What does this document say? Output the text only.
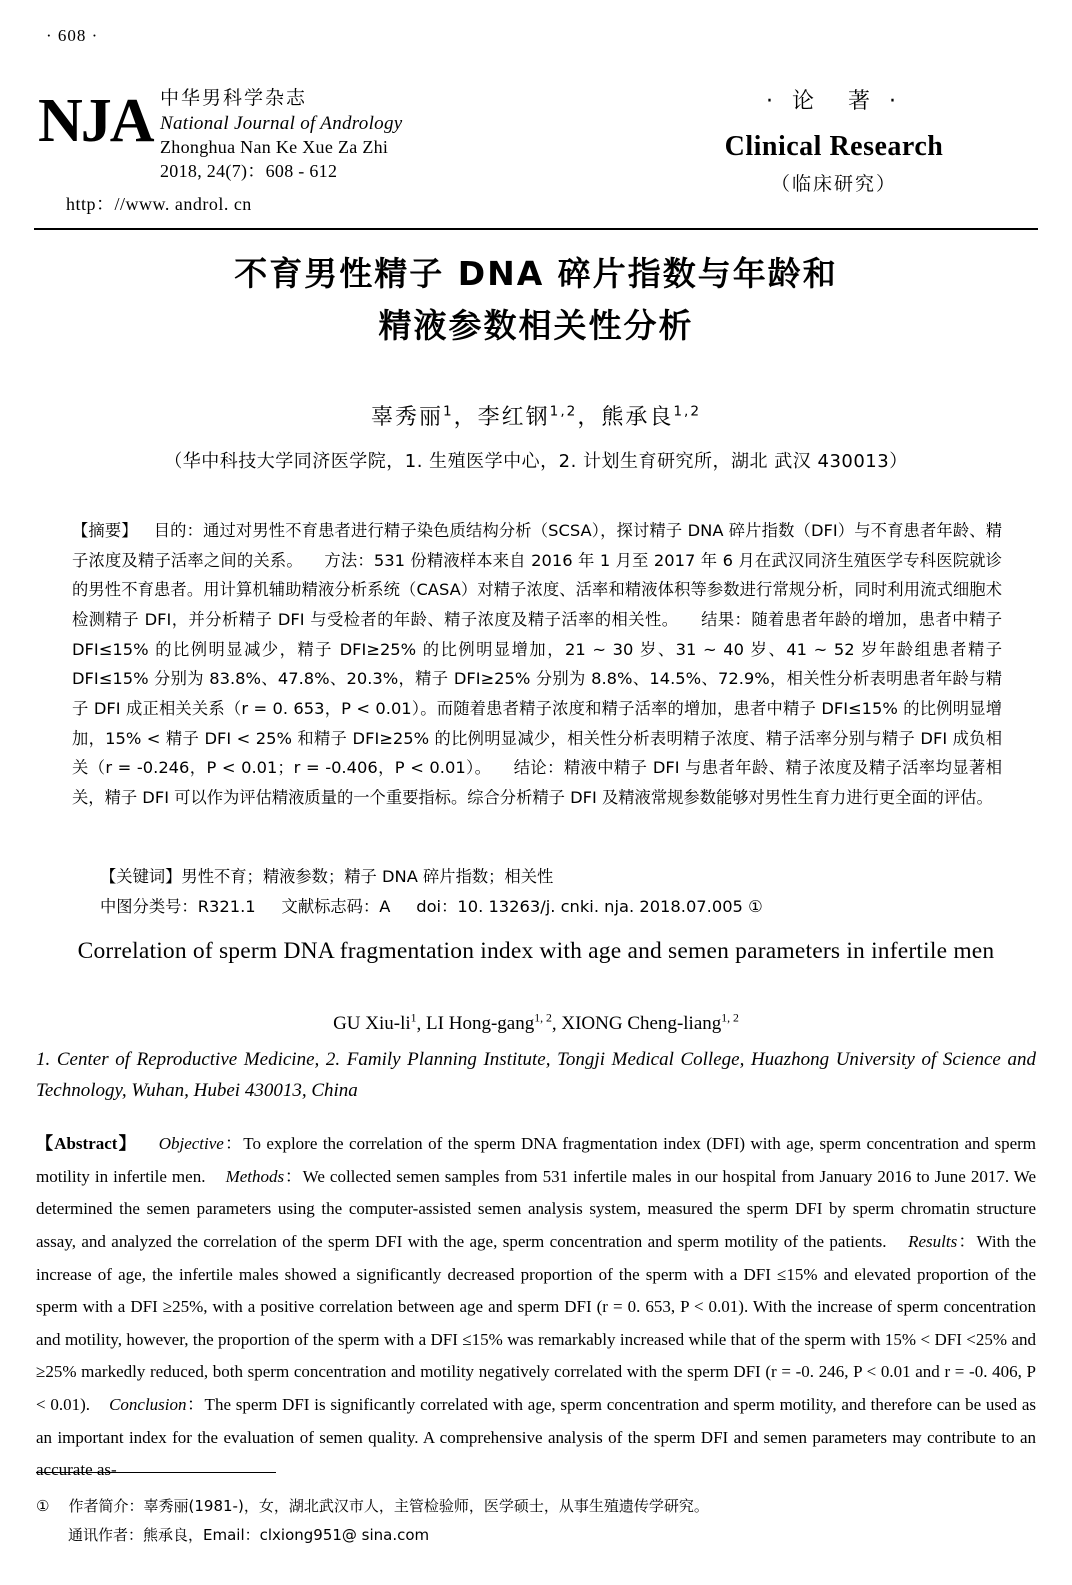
· 608 ·
NJA 中华男科学杂志
National Journal of Andrology
Zhonghua Nan Ke Xue Za Zhi
2018, 24(7)：608 - 612
http：//www. androl. cn
· 论　著 ·
Clinical Research
（临床研究）
不育男性精子 DNA 碎片指数与年龄和
精液参数相关性分析
辜秀丽$^1$，李红钢$^{1,2}$，熊承良$^{1,2}$
（华中科技大学同济医学院，1. 生殖医学中心，2. 计划生育研究所，湖北 武汉 430013）
【摘要】 目的：通过对男性不育患者进行精子染色质结构分析（SCSA），探讨精子 DNA 碎片指数（DFI）与不育患者年龄、精子浓度及精子活率之间的关系。 方法：531 份精液样本来自 2016 年 1 月至 2017 年 6 月在武汉同济生殖医学专科医院就诊的男性不育患者。用计算机辅助精液分析系统（CASA）对精子浓度、活率和精液体积等参数进行常规分析，同时利用流式细胞术检测精子 DFI，并分析精子 DFI 与受检者的年龄、精子浓度及精子活率的相关性。 结果：随着患者年龄的增加，患者中精子 DFI≤15% 的比例明显减少，精子 DFI≥25% 的比例明显增加，21 ~ 30 岁、31 ~ 40 岁、41 ~ 52 岁年龄组患者精子 DFI≤15% 分别为 83.8%、47.8%、20.3%，精子 DFI≥25% 分别为 8.8%、14.5%、72.9%，相关性分析表明患者年龄与精子 DFI 成正相关关系（r = 0. 653，P < 0.01）。而随着患者精子浓度和精子活率的增加，患者中精子 DFI≤15% 的比例明显增加，15% < 精子 DFI < 25% 和精子 DFI≥25% 的比例明显减少，相关性分析表明精子浓度、精子活率分别与精子 DFI 成负相关（r = -0.246，P < 0.01；r = -0.406，P < 0.01）。 结论：精液中精子 DFI 与患者年龄、精子浓度及精子活率均显著相关，精子 DFI 可以作为评估精液质量的一个重要指标。综合分析精子 DFI 及精液常规参数能够对男性生育力进行更全面的评估。
【关键词】男性不育；精液参数；精子 DNA 碎片指数；相关性
中图分类号：R321.1 文献标志码：A doi：10. 13263/j. cnki. nja. 2018.07.005 ①
Correlation of sperm DNA fragmentation index with age and semen parameters in infertile men
GU Xiu-$li^1$, LI Hong-gang$^{1, 2}$, XIONG Cheng-liang$^{1, 2}$
1. Center of Reproductive Medicine, 2. Family Planning Institute, Tongji Medical College, Huazhong University of Science and Technology, Wuhan, Hubei 430013, China
【Abstract】 Objective：To explore the correlation of the sperm DNA fragmentation index (DFI) with age, sperm concentration and sperm motility in infertile men. Methods：We collected semen samples from 531 infertile males in our hospital from January 2016 to June 2017. We determined the semen parameters using the computer-assisted semen analysis system, measured the sperm DFI by sperm chromatin structure assay, and analyzed the correlation of the sperm DFI with the age, sperm concentration and sperm motility of the patients. Results：With the increase of age, the infertile males showed a significantly decreased proportion of the sperm with a DFI ≤15% and elevated proportion of the sperm with a DFI ≥25%, with a positive correlation between age and sperm DFI (r = 0. 653, P < 0.01). With the increase of sperm concentration and motility, however, the proportion of the sperm with a DFI ≤15% was remarkably increased while that of the sperm with 15% < DFI <25% and ≥25% markedly reduced, both sperm concentration and motility negatively correlated with the sperm DFI (r = -0. 246, P < 0.01 and r = -0. 406, P < 0.01). Conclusion：The sperm DFI is significantly correlated with age, sperm concentration and sperm motility, and therefore can be used as an important index for the evaluation of semen quality. A comprehensive analysis of the sperm DFI and semen parameters may contribute to an accurate as-
① 作者简介：辜秀丽(1981-)，女，湖北武汉市人，主管检验师，医学硕士，从事生殖遗传学研究。
通讯作者：熊承良，Email：clxiong951@ sina.com
